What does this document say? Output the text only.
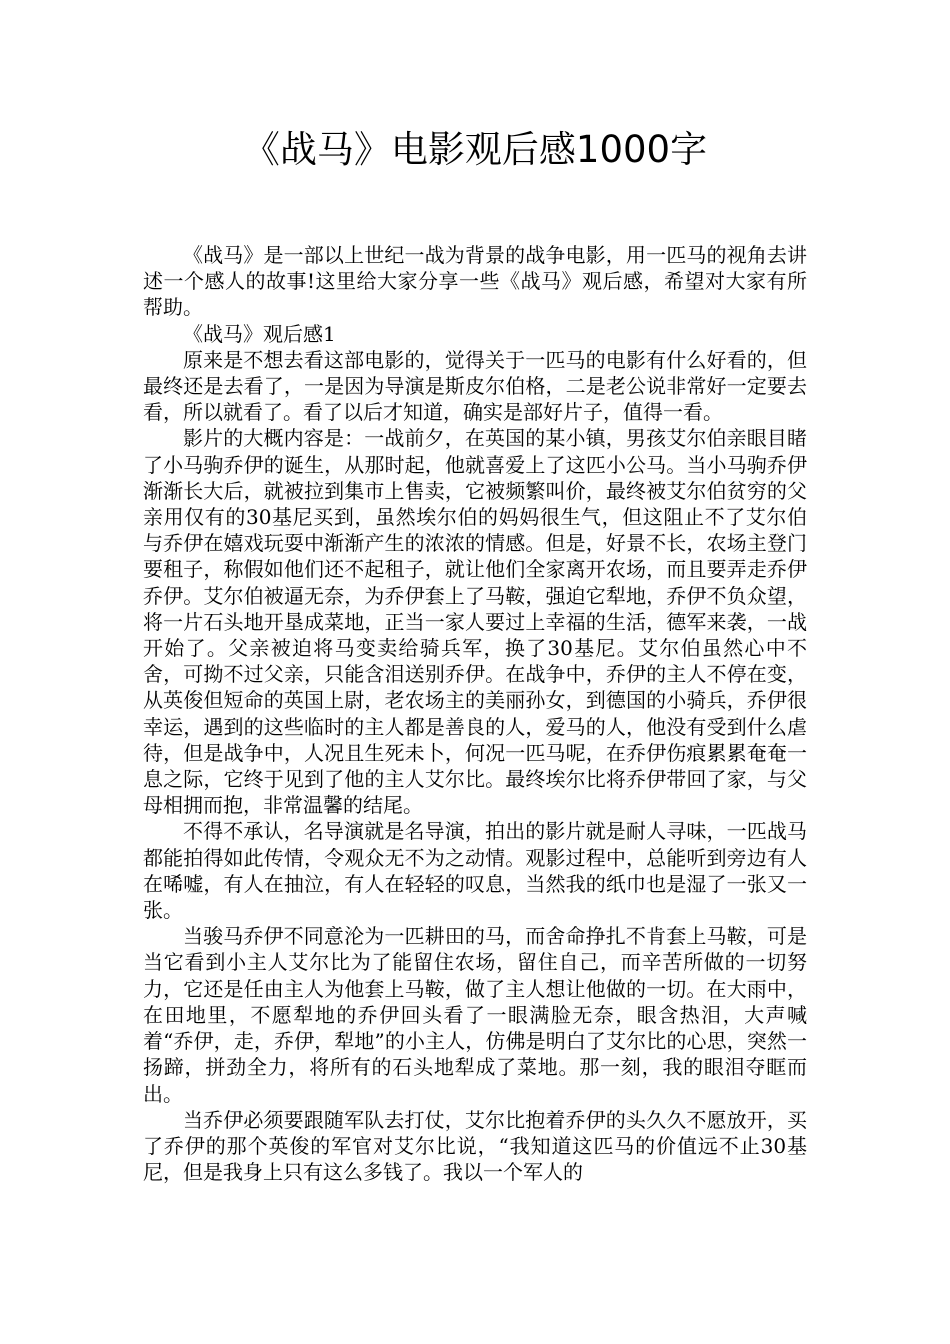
《战马》电影观后感1000字

《战马》是一部以上世纪一战为背景的战争电影，用一匹马的视角去讲述一个感人的故事!这里给大家分享一些《战马》观后感，希望对大家有所帮助。

《战马》观后感1

原来是不想去看这部电影的，觉得关于一匹马的电影有什么好看的，但最终还是去看了，一是因为导演是斯皮尔伯格，二是老公说非常好一定要去看，所以就看了。看了以后才知道，确实是部好片子，值得一看。

影片的大概内容是：一战前夕，在英国的某小镇，男孩艾尔伯亲眼目睹了小马驹乔伊的诞生，从那时起，他就喜爱上了这匹小公马。当小马驹乔伊渐渐长大后，就被拉到集市上售卖，它被频繁叫价，最终被艾尔伯贫穷的父亲用仅有的30基尼买到，虽然埃尔伯的妈妈很生气，但这阻止不了艾尔伯与乔伊在嬉戏玩耍中渐渐产生的浓浓的情感。但是，好景不长，农场主登门要租子，称假如他们还不起租子，就让他们全家离开农场，而且要弄走乔伊乔伊。艾尔伯被逼无奈，为乔伊套上了马鞍，强迫它犁地，乔伊不负众望，将一片石头地开垦成菜地，正当一家人要过上幸福的生活，德军来袭，一战开始了。父亲被迫将马变卖给骑兵军，换了30基尼。艾尔伯虽然心中不舍，可拗不过父亲，只能含泪送别乔伊。在战争中，乔伊的主人不停在变，从英俊但短命的英国上尉，老农场主的美丽孙女，到德国的小骑兵，乔伊很幸运，遇到的这些临时的主人都是善良的人，爱马的人，他没有受到什么虐待，但是战争中，人况且生死未卜，何况一匹马呢，在乔伊伤痕累累奄奄一息之际，它终于见到了他的主人艾尔比。最终埃尔比将乔伊带回了家，与父母相拥而抱，非常温馨的结尾。

不得不承认，名导演就是名导演，拍出的影片就是耐人寻味，一匹战马都能拍得如此传情，令观众无不为之动情。观影过程中，总能听到旁边有人在唏嘘，有人在抽泣，有人在轻轻的叹息，当然我的纸巾也是湿了一张又一张。

当骏马乔伊不同意沦为一匹耕田的马，而舍命挣扎不肯套上马鞍，可是当它看到小主人艾尔比为了能留住农场，留住自己，而辛苦所做的一切努力，它还是任由主人为他套上马鞍，做了主人想让他做的一切。在大雨中，在田地里，不愿犁地的乔伊回头看了一眼满脸无奈，眼含热泪，大声喊着“乔伊，走，乔伊，犁地”的小主人，仿佛是明白了艾尔比的心思，突然一扬蹄，拼劲全力，将所有的石头地犁成了菜地。那一刻，我的眼泪夺眶而出。

当乔伊必须要跟随军队去打仗，艾尔比抱着乔伊的头久久不愿放开，买了乔伊的那个英俊的军官对艾尔比说，“我知道这匹马的价值远不止30基尼，但是我身上只有这么多钱了。我以一个军人的
